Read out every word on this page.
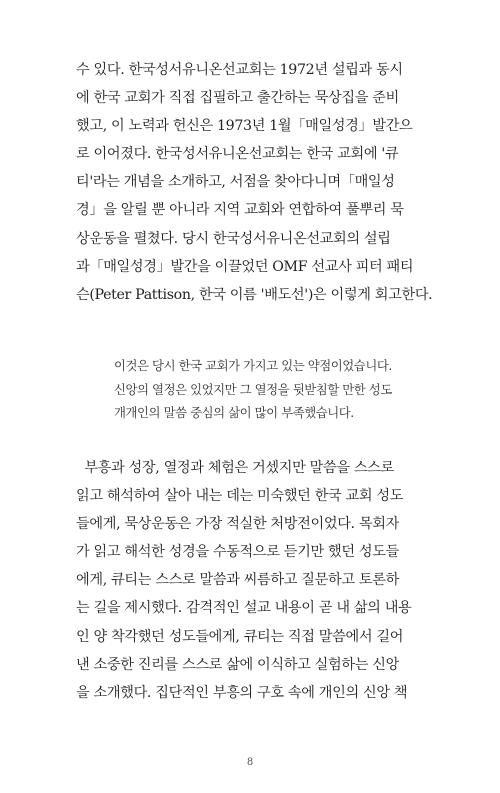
수 있다. 한국성서유니온선교회는 1972년 설립과 동시
에 한국 교회가 직접 집필하고 출간하는 묵상집을 준비
했고, 이 노력과 헌신은 1973년 1월「매일성경」발간으
로 이어졌다. 한국성서유니온선교회는 한국 교회에 '큐
티'라는 개념을 소개하고, 서점을 찾아다니며「매일성
경」을 알릴 뿐 아니라 지역 교회와 연합하여 풀뿌리 묵
상운동을 펼쳤다. 당시 한국성서유니온선교회의 설립
과「매일성경」발간을 이끌었던 OMF 선교사 피터 패티
슨(Peter Pattison, 한국 이름 '배도선')은 이렇게 회고한다.
이것은 당시 한국 교회가 가지고 있는 약점이었습니다.
신앙의 열정은 있었지만 그 열정을 뒷받침할 만한 성도
개개인의 말씀 중심의 삶이 많이 부족했습니다.
부흥과 성장, 열정과 체험은 거셌지만 말씀을 스스로
읽고 해석하여 살아 내는 데는 미숙했던 한국 교회 성도
들에게, 묵상운동은 가장 적실한 처방전이었다. 목회자
가 읽고 해석한 성경을 수동적으로 듣기만 했던 성도들
에게, 큐티는 스스로 말씀과 씨름하고 질문하고 토론하
는 길을 제시했다. 감격적인 설교 내용이 곧 내 삶의 내용
인 양 착각했던 성도들에게, 큐티는 직접 말씀에서 길어
낸 소중한 진리를 스스로 삶에 이식하고 실험하는 신앙
을 소개했다. 집단적인 부흥의 구호 속에 개인의 신앙 책
8
